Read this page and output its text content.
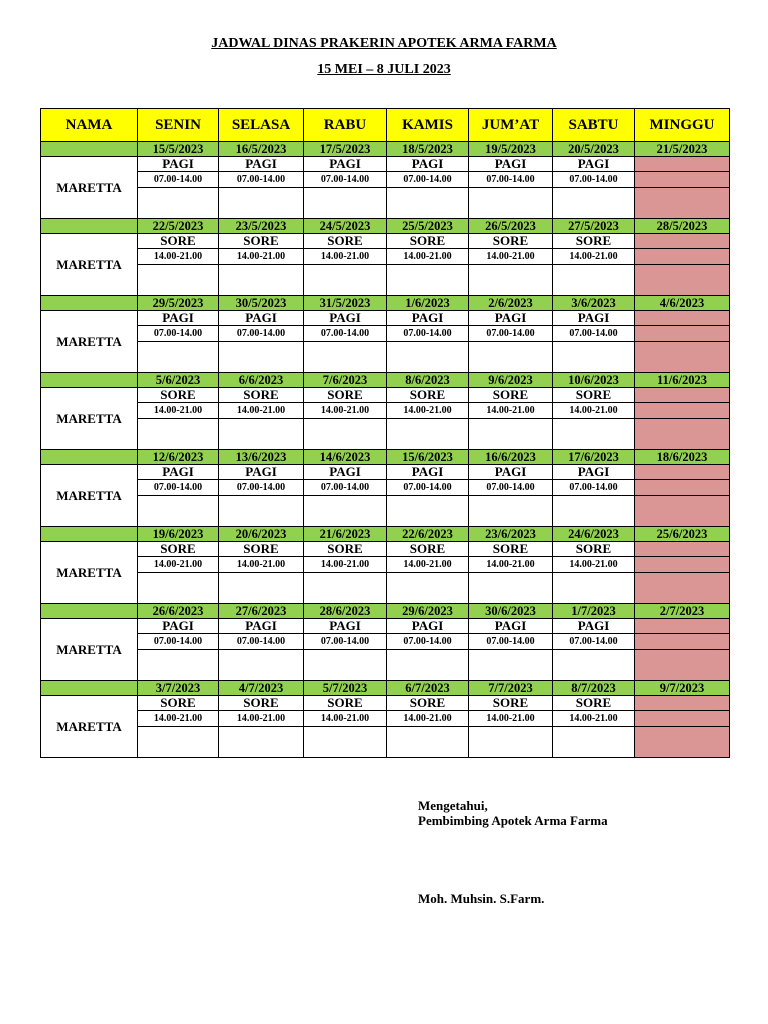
JADWAL DINAS PRAKERIN APOTEK ARMA FARMA
15 MEI – 8 JULI 2023
NAMA	SENIN	SELASA	RABU	KAMIS	JUM’AT	SABTU	MINGGU
	15/5/2023	16/5/2023	17/5/2023	18/5/2023	19/5/2023	20/5/2023	21/5/2023
MARETTA	PAGI	PAGI	PAGI	PAGI	PAGI	PAGI	
	07.00-14.00	07.00-14.00	07.00-14.00	07.00-14.00	07.00-14.00	07.00-14.00	

	22/5/2023	23/5/2023	24/5/2023	25/5/2023	26/5/2023	27/5/2023	28/5/2023
MARETTA	SORE	SORE	SORE	SORE	SORE	SORE	
	14.00-21.00	14.00-21.00	14.00-21.00	14.00-21.00	14.00-21.00	14.00-21.00	

	29/5/2023	30/5/2023	31/5/2023	1/6/2023	2/6/2023	3/6/2023	4/6/2023
MARETTA	PAGI	PAGI	PAGI	PAGI	PAGI	PAGI	
	07.00-14.00	07.00-14.00	07.00-14.00	07.00-14.00	07.00-14.00	07.00-14.00	

	5/6/2023	6/6/2023	7/6/2023	8/6/2023	9/6/2023	10/6/2023	11/6/2023
MARETTA	SORE	SORE	SORE	SORE	SORE	SORE	
	14.00-21.00	14.00-21.00	14.00-21.00	14.00-21.00	14.00-21.00	14.00-21.00	

	12/6/2023	13/6/2023	14/6/2023	15/6/2023	16/6/2023	17/6/2023	18/6/2023
MARETTA	PAGI	PAGI	PAGI	PAGI	PAGI	PAGI	
	07.00-14.00	07.00-14.00	07.00-14.00	07.00-14.00	07.00-14.00	07.00-14.00	

	19/6/2023	20/6/2023	21/6/2023	22/6/2023	23/6/2023	24/6/2023	25/6/2023
MARETTA	SORE	SORE	SORE	SORE	SORE	SORE	
	14.00-21.00	14.00-21.00	14.00-21.00	14.00-21.00	14.00-21.00	14.00-21.00	

	26/6/2023	27/6/2023	28/6/2023	29/6/2023	30/6/2023	1/7/2023	2/7/2023
MARETTA	PAGI	PAGI	PAGI	PAGI	PAGI	PAGI	
	07.00-14.00	07.00-14.00	07.00-14.00	07.00-14.00	07.00-14.00	07.00-14.00	

	3/7/2023	4/7/2023	5/7/2023	6/7/2023	7/7/2023	8/7/2023	9/7/2023
MARETTA	SORE	SORE	SORE	SORE	SORE	SORE	
	14.00-21.00	14.00-21.00	14.00-21.00	14.00-21.00	14.00-21.00	14.00-21.00	

Mengetahui,
Pembimbing Apotek Arma Farma
Moh. Muhsin. S.Farm.
